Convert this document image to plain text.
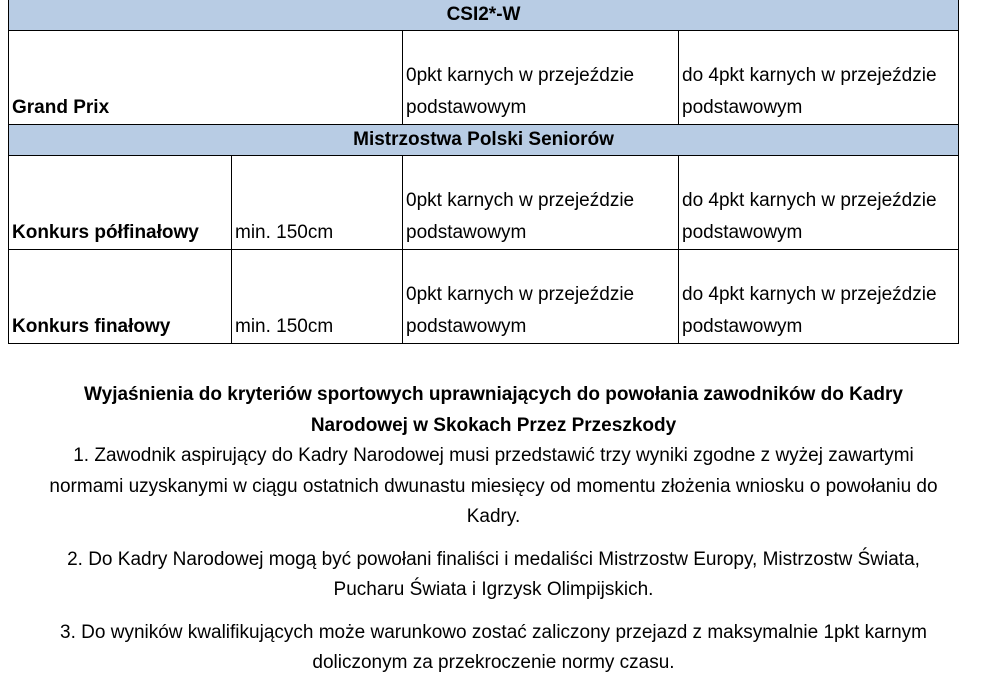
CSI2*-W			
Grand Prix		0pkt karnych w przejeździe podstawowym	do 4pkt karnych w przejeździe podstawowym

Mistrzostwa Polski Seniorów			
Konkurs półfinałowy	min. 150cm	0pkt karnych w przejeździe podstawowym	do 4pkt karnych w przejeździe podstawowym

Konkurs finałowy	min. 150cm	0pkt karnych w przejeździe podstawowym	do 4pkt karnych w przejeździe podstawowym

Wyjaśnienia do kryteriów sportowych uprawniających do powołania zawodników do Kadry Narodowej w Skokach Przez Przeszkody

1. Zawodnik aspirujący do Kadry Narodowej musi przedstawić trzy wyniki zgodne z wyżej zawartymi normami uzyskanymi w ciągu ostatnich dwunastu miesięcy od momentu złożenia wniosku o powołaniu do Kadry.

2. Do Kadry Narodowej mogą być powołani finaliści i medaliści Mistrzostw Europy, Mistrzostw Świata, Pucharu Świata i Igrzysk Olimpijskich.

3. Do wyników kwalifikujących może warunkowo zostać zaliczony przejazd z maksymalnie 1pkt karnym doliczonym za przekroczenie normy czasu.
